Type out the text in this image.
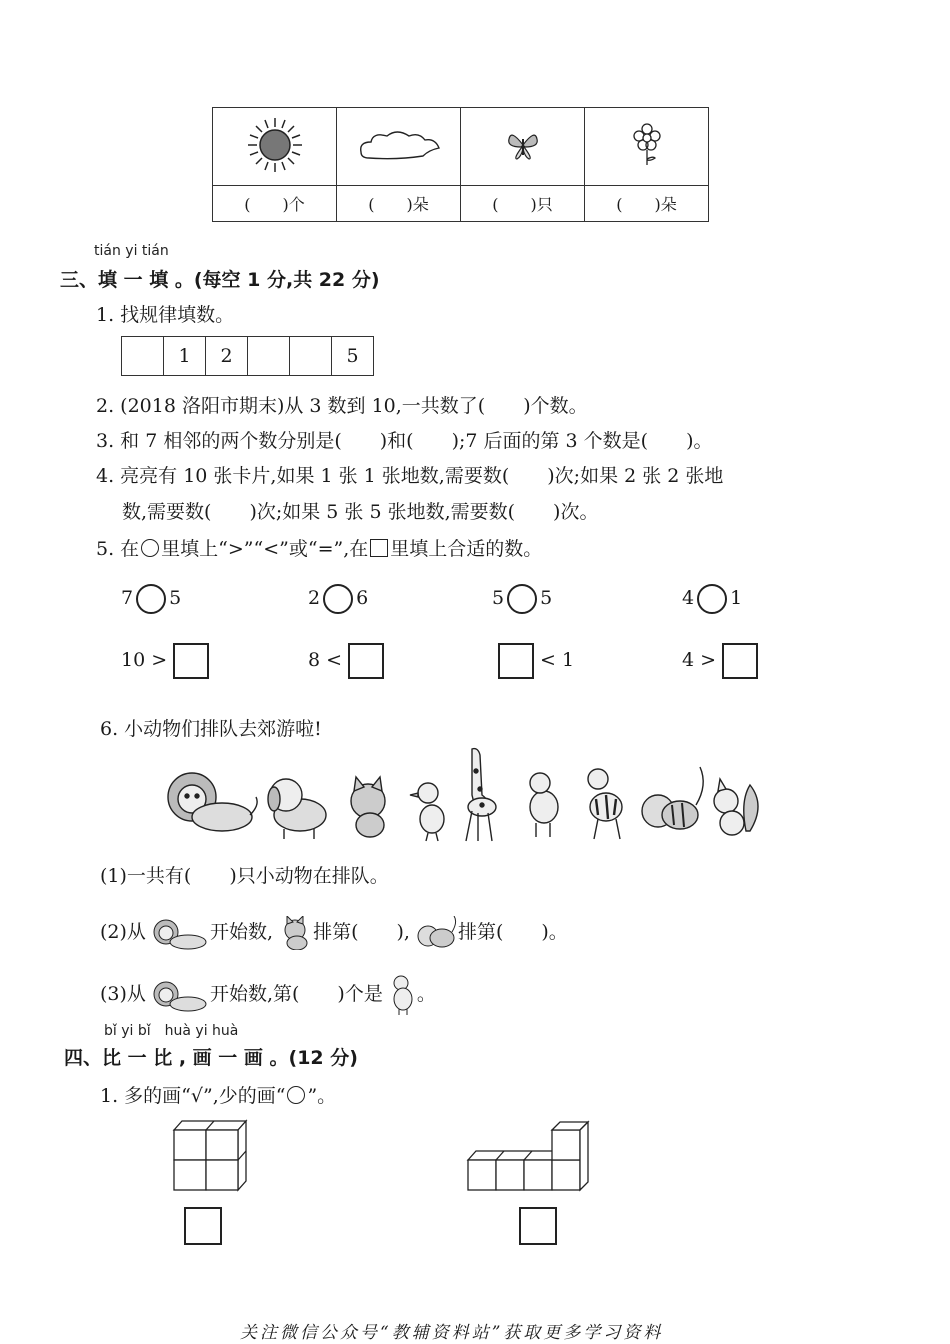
(　　)个	(　　)朵	(　　)只	(　　)朵
tián yi tián
三、填 一 填 。(每空 1 分,共 22 分)
1. 找规律填数。
	1	2			5
2. (2018 洛阳市期末)从 3 数到 10,一共数了(　　)个数。
3. 和 7 相邻的两个数分别是(　　)和(　　);7 后面的第 3 个数是(　　)。
4. 亮亮有 10 张卡片,如果 1 张 1 张地数,需要数(　　)次;如果 2 张 2 张地
数,需要数(　　)次;如果 5 张 5 张地数,需要数(　　)次。
5. 在 里填上“>”“<”或“=”,在 里填上合适的数。
7 5	2 6	5 5	4 1
10 >	8 <	< 1	4 >
6. 小动物们排队去郊游啦!
(1)一共有(　　)只小动物在排队。
(2)从	开始数, 排第(　　),	排第(　　)。
(3)从	开始数,第(　　)个是 。
bǐ yi bǐ　huà yi huà
四、比 一 比 , 画 一 画 。(12 分)
1. 多的画“√”,少的画“ ”。
关注微信公众号“教辅资料站”获取更多学习资料
